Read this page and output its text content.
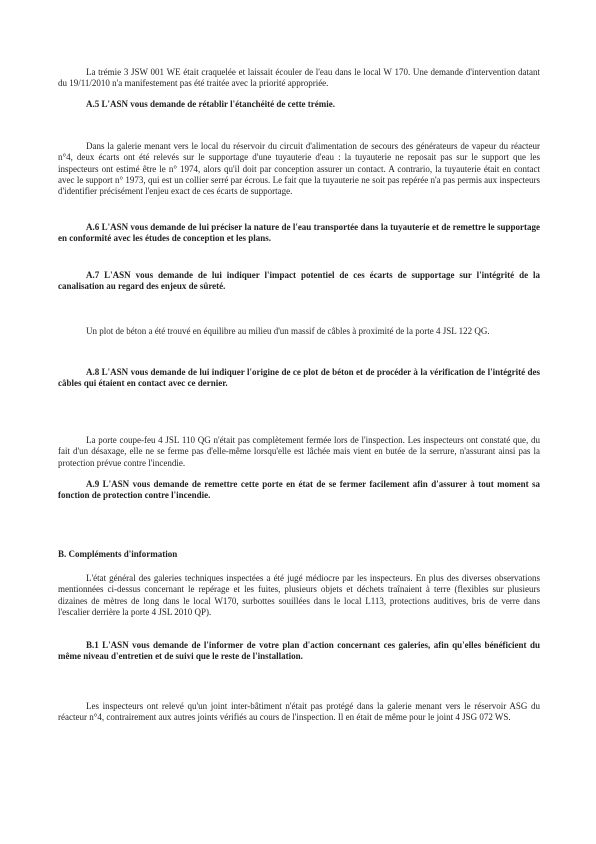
La trémie 3 JSW 001 WE était craquelée et laissait écouler de l'eau dans le local W 170. Une demande d'intervention datant du 19/11/2010 n'a manifestement pas été traitée avec la priorité appropriée.

A.5 L'ASN vous demande de rétablir l'étanchéité de cette trémie.

Dans la galerie menant vers le local du réservoir du circuit d'alimentation de secours des générateurs de vapeur du réacteur n°4, deux écarts ont été relevés sur le supportage d'une tuyauterie d'eau : la tuyauterie ne reposait pas sur le support que les inspecteurs ont estimé être le n° 1974, alors qu'il doit par conception assurer un contact. A contrario, la tuyauterie était en contact avec le support n° 1973, qui est un collier serré par écrous. Le fait que la tuyauterie ne soit pas repérée n'a pas permis aux inspecteurs d'identifier précisément l'enjeu exact de ces écarts de supportage.

A.6 L'ASN vous demande de lui préciser la nature de l'eau transportée dans la tuyauterie et de remettre le supportage en conformité avec les études de conception et les plans.

A.7 L'ASN vous demande de lui indiquer l'impact potentiel de ces écarts de supportage sur l'intégrité de la canalisation au regard des enjeux de sûreté.

Un plot de béton a été trouvé en équilibre au milieu d'un massif de câbles à proximité de la porte 4 JSL 122 QG.

A.8 L'ASN vous demande de lui indiquer l'origine de ce plot de béton et de procéder à la vérification de l'intégrité des câbles qui étaient en contact avec ce dernier.

La porte coupe-feu 4 JSL 110 QG n'était pas complètement fermée lors de l'inspection. Les inspecteurs ont constaté que, du fait d'un désaxage, elle ne se ferme pas d'elle-même lorsqu'elle est lâchée mais vient en butée de la serrure, n'assurant ainsi pas la protection prévue contre l'incendie.

A.9 L'ASN vous demande de remettre cette porte en état de se fermer facilement afin d'assurer à tout moment sa fonction de protection contre l'incendie.

B. Compléments d'information

L'état général des galeries techniques inspectées a été jugé médiocre par les inspecteurs. En plus des diverses observations mentionnées ci-dessus concernant le repérage et les fuites, plusieurs objets et déchets traînaient à terre (flexibles sur plusieurs dizaines de mètres de long dans le local W170, surbottes souillées dans le local L113, protections auditives, bris de verre dans l'escalier derrière la porte 4 JSL 2010 QP).

B.1 L'ASN vous demande de l'informer de votre plan d'action concernant ces galeries, afin qu'elles bénéficient du même niveau d'entretien et de suivi que le reste de l'installation.

Les inspecteurs ont relevé qu'un joint inter-bâtiment n'était pas protégé dans la galerie menant vers le réservoir ASG du réacteur n°4, contrairement aux autres joints vérifiés au cours de l'inspection. Il en était de même pour le joint 4 JSG 072 WS.
